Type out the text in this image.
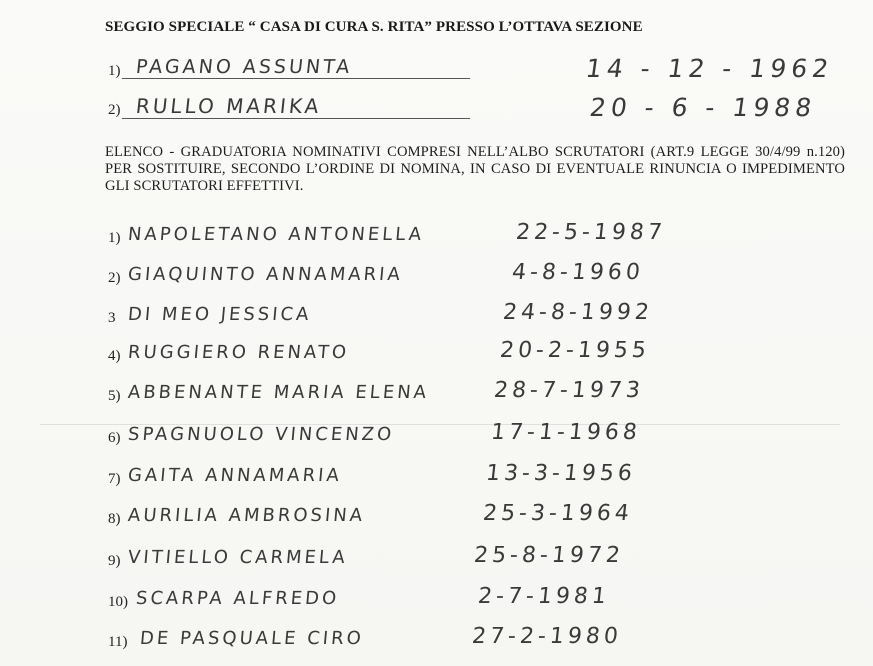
SEGGIO SPECIALE “ CASA DI CURA S. RITA” PRESSO L’OTTAVA SEZIONE
1) PAGANO ASSUNTA	14 - 12 - 1962
2) RULLO MARIKA	20 - 6 - 1988
ELENCO - GRADUATORIA NOMINATIVI COMPRESI NELL’ALBO SCRUTATORI (ART.9 LEGGE 30/4/99 n.120) PER SOSTITUIRE, SECONDO L’ORDINE DI NOMINA, IN CASO DI EVENTUALE RINUNCIA O IMPEDIMENTO GLI SCRUTATORI EFFETTIVI.
1) NAPOLETANO ANTONELLA	22-5-1987
2) GIAQUINTO ANNAMARIA	4-8-1960
3 DI MEO JESSICA	24-8-1992
4) RUGGIERO RENATO	20-2-1955
5) ABBENANTE MARIA ELENA	28-7-1973
6) SPAGNUOLO VINCENZO	17-1-1968
7) GAITA ANNAMARIA	13-3-1956
8) AURILIA AMBROSINA	25-3-1964
9) VITIELLO CARMELA	25-8-1972
10) SCARPA ALFREDO	2-7-1981
11) DE PASQUALE CIRO	27-2-1980
